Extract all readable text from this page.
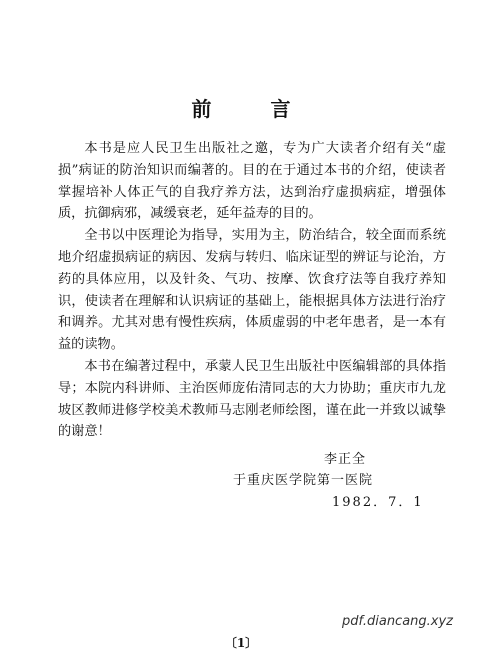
前 言

本书是应人民卫生出版社之邀，专为广大读者介绍有关“虚损”病证的防治知识而编著的。目的在于通过本书的介绍，使读者掌握培补人体正气的自我疗养方法，达到治疗虚损病症，增强体质，抗御病邪，减缓衰老，延年益寿的目的。

全书以中医理论为指导，实用为主，防治结合，较全面而系统地介绍虚损病证的病因、发病与转归、临床证型的辨证与论治，方药的具体应用，以及针灸、气功、按摩、饮食疗法等自我疗养知识，使读者在理解和认识病证的基础上，能根据具体方法进行治疗和调养。尤其对患有慢性疾病，体质虚弱的中老年患者，是一本有益的读物。

本书在编著过程中，承蒙人民卫生出版社中医编辑部的具体指导；本院内科讲师、主治医师庞佑清同志的大力协助；重庆市九龙坡区教师进修学校美术教师马志刚老师绘图，谨在此一并致以诚挚的谢意！

李正全
于重庆医学院第一医院
1982．7．1
pdf.diancang.xyz
〔1〕
